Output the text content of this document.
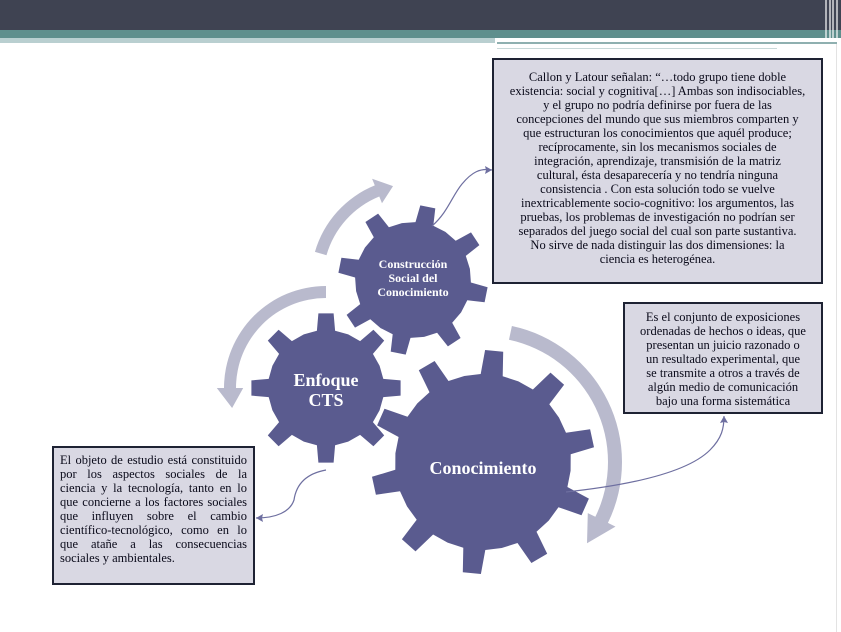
Construcción
Social del
Conocimiento
Enfoque
CTS
Conocimiento
Callon y Latour señalan: “…todo grupo tiene doble
existencia: social y cognitiva[…] Ambas son indisociables,
y el grupo no podría definirse por fuera de las
concepciones del mundo que sus miembros comparten y
que estructuran los conocimientos que aquél produce;
recíprocamente, sin los mecanismos sociales de
integración, aprendizaje, transmisión de la matriz
cultural, ésta desaparecería y no tendría ninguna
consistencia . Con esta solución todo se vuelve
inextricablemente socio-cognitivo: los argumentos, las
pruebas, los problemas de investigación no podrían ser
separados del juego social del cual son parte sustantiva.
No sirve de nada distinguir las dos dimensiones: la
ciencia es heterogénea.
Es el conjunto de exposiciones
ordenadas de hechos o ideas, que
presentan un juicio razonado o
un resultado experimental, que
se transmite a otros a través de
algún medio de comunicación
bajo una forma sistemática

El objeto de estudio está constituido por los aspectos sociales de la ciencia y la tecnología, tanto en lo que concierne a los factores sociales que influyen sobre el cambio científico-tecnológico, como en lo que atañe a las consecuencias sociales y ambientales.
